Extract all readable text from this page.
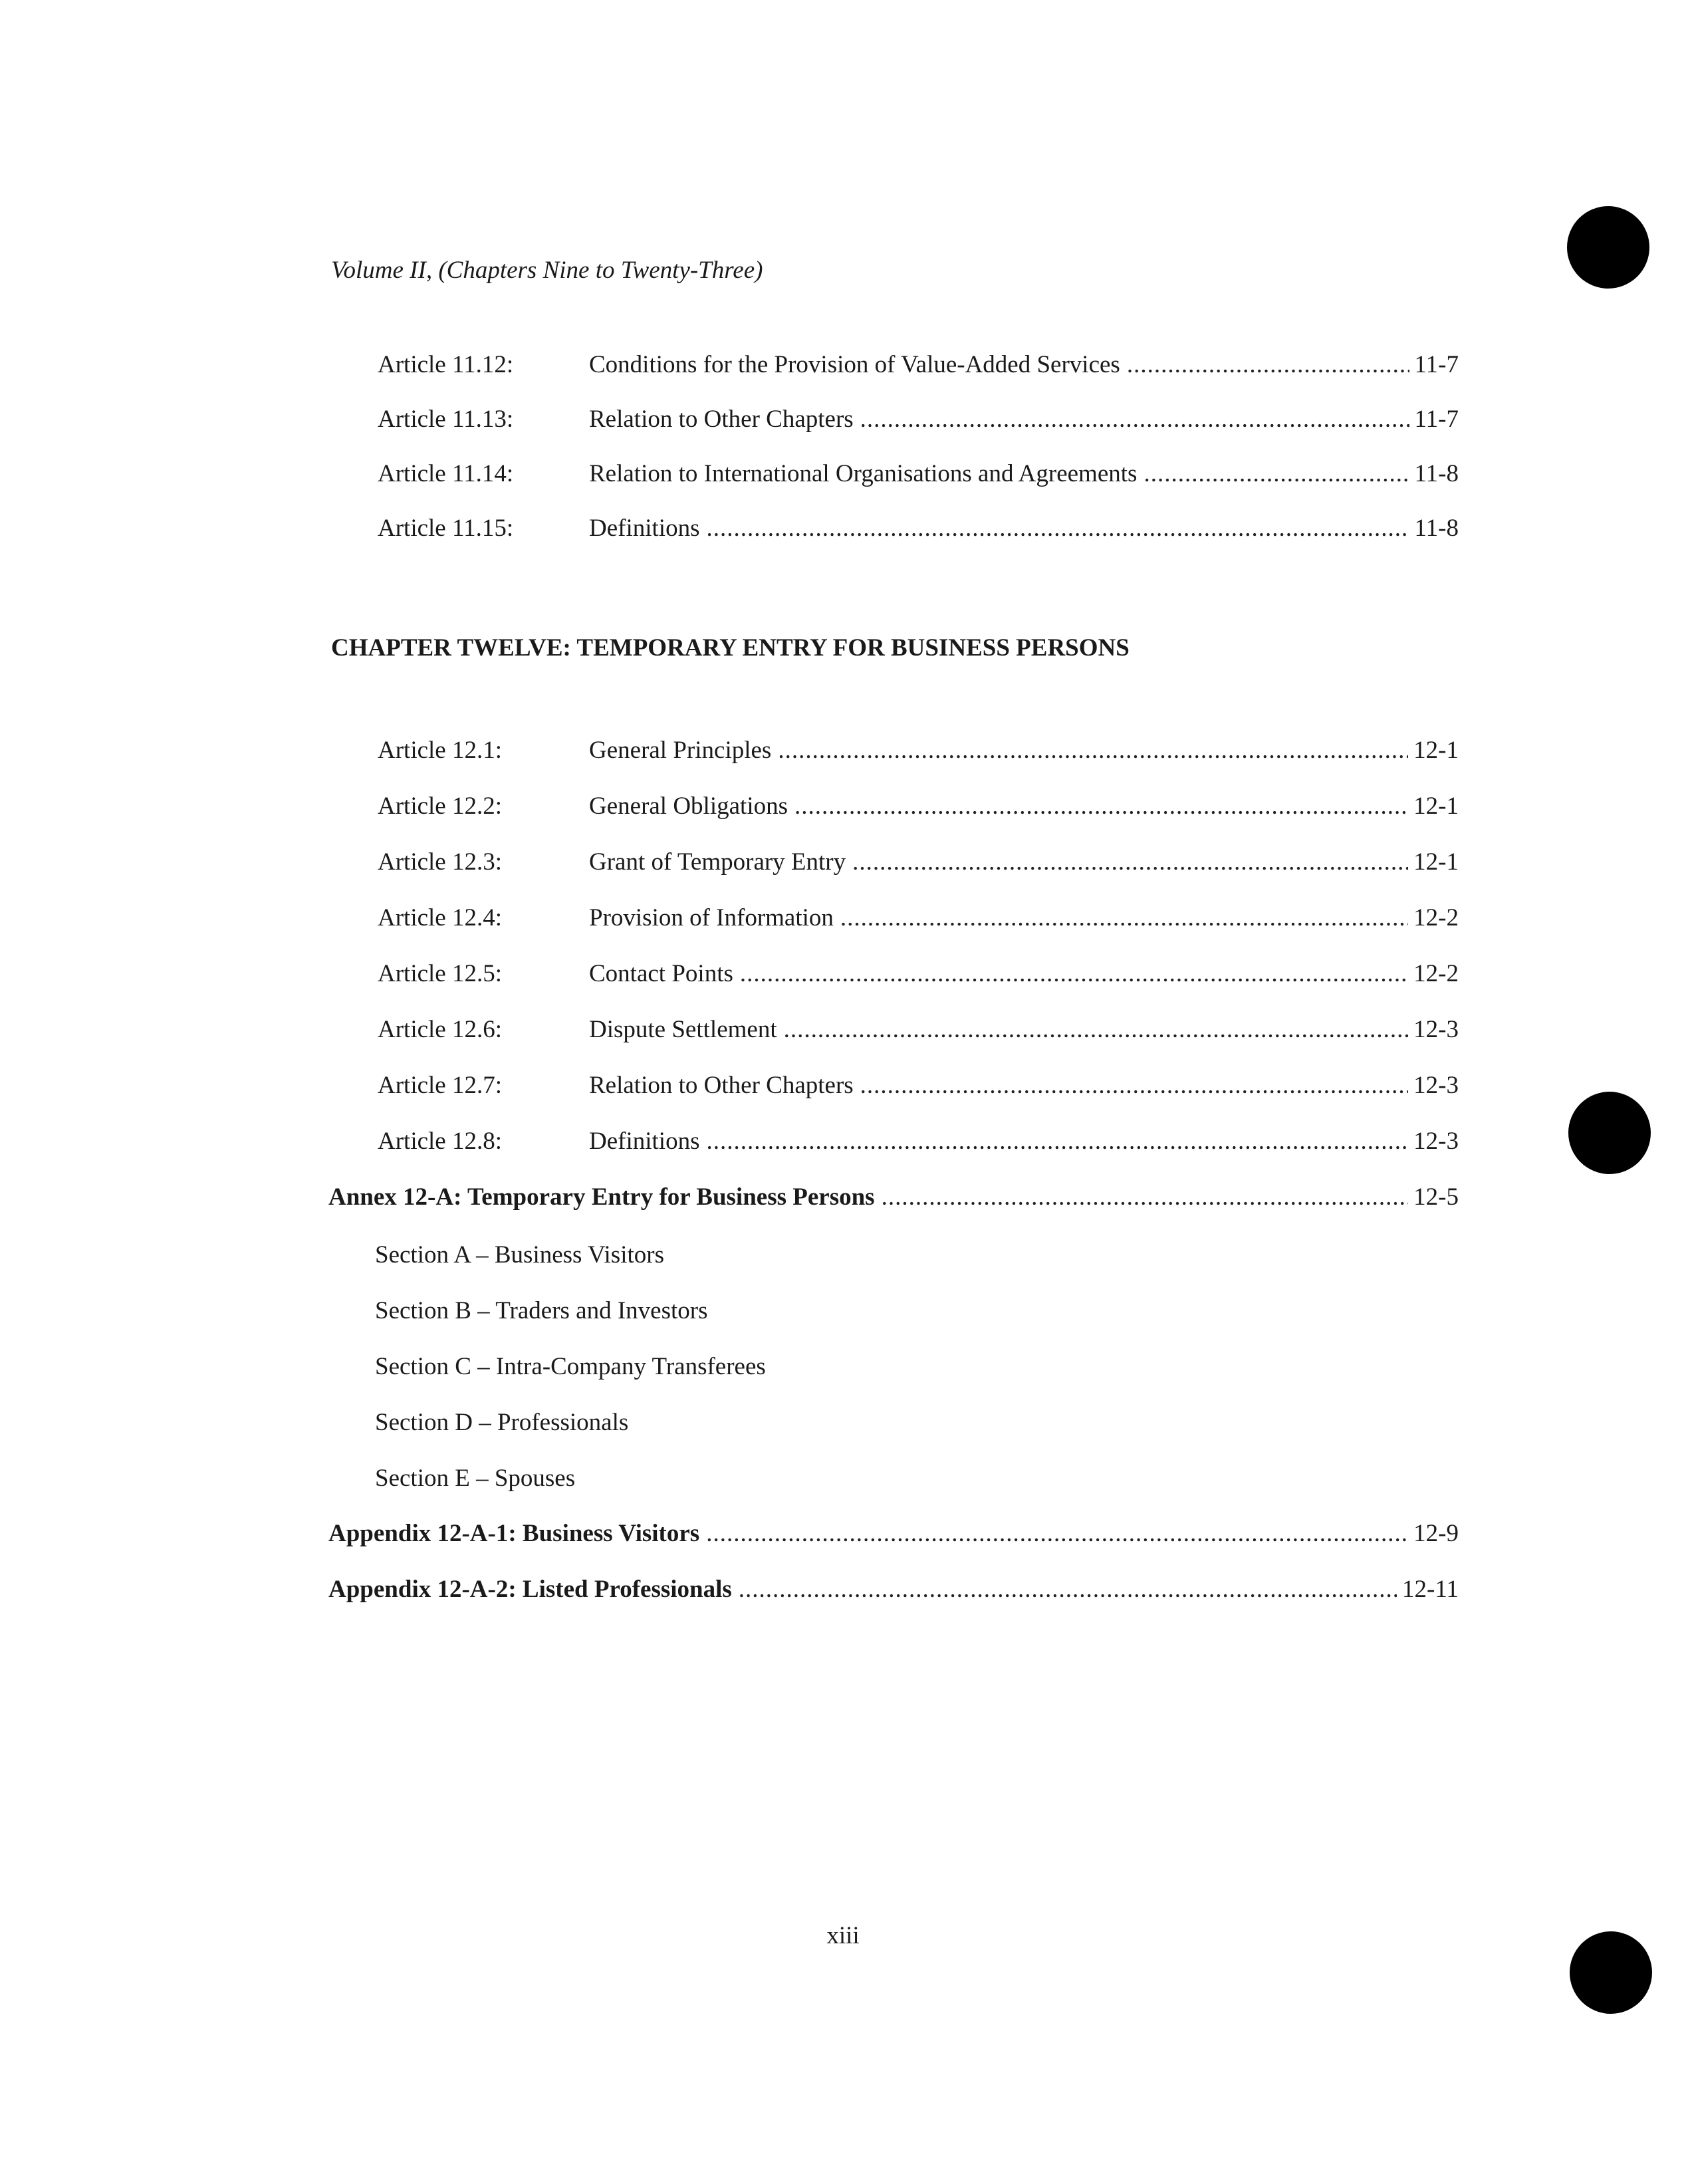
Volume II, (Chapters Nine to Twenty-Three)
Article 11.12:	Conditions for the Provision of Value-Added Services .....	11-7
Article 11.13:	Relation to Other Chapters .....	11-7
Article 11.14:	Relation to International Organisations and Agreements .....	11-8
Article 11.15:	Definitions .....	11-8
CHAPTER TWELVE: TEMPORARY ENTRY FOR BUSINESS PERSONS
Article 12.1:	General Principles .....	12-1
Article 12.2:	General Obligations .....	12-1
Article 12.3:	Grant of Temporary Entry .....	12-1
Article 12.4:	Provision of Information .....	12-2
Article 12.5:	Contact Points .....	12-2
Article 12.6:	Dispute Settlement .....	12-3
Article 12.7:	Relation to Other Chapters .....	12-3
Article 12.8:	Definitions .....	12-3
Annex 12-A: Temporary Entry for Business Persons .....	12-5
Section A – Business Visitors
Section B – Traders and Investors
Section C – Intra-Company Transferees
Section D – Professionals
Section E – Spouses
Appendix 12-A-1: Business Visitors .....	12-9
Appendix 12-A-2: Listed Professionals .....	12-11
xiii
